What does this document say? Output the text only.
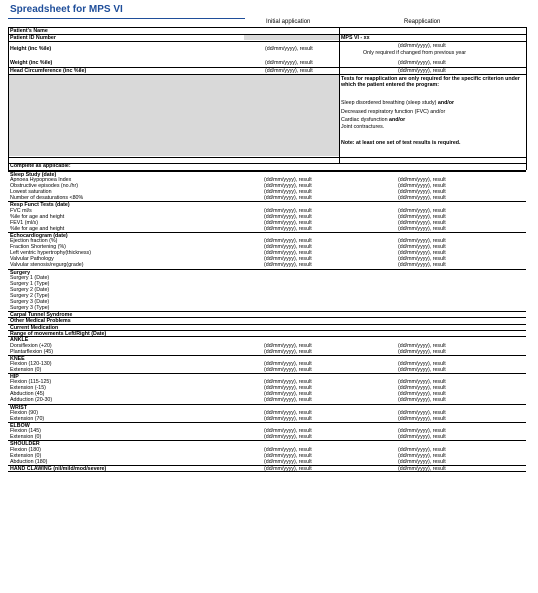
Spreadsheet for MPS VI
Initial application	Reapplication
Patient's Name
Patient ID Number	MPS VI - xx
Height (inc %ile)	(dd/mm/yyyy), result	(dd/mm/yyyy), result
Only required if changed from previous year
Weight (inc %ile)	(dd/mm/yyyy), result	(dd/mm/yyyy), result
Head Circumference (inc %ile)	(dd/mm/yyyy), result	(dd/mm/yyyy), result
Tests for reapplication are only required for the specific criterion under which the patient entered the program:
Sleep disordered breathing (sleep study) and/or
Decreased respiratory function (FVC) and/or
Cardiac dysfunction and/or
Joint contractures.
Note: at least one set of test results is required.
Complete as applicable:
Sleep Study (date)
Apnoea Hypopnoea Index	(dd/mm/yyyy), result	(dd/mm/yyyy), result
Obstructive episodes (no./hr)	(dd/mm/yyyy), result	(dd/mm/yyyy), result
Lowest saturation	(dd/mm/yyyy), result	(dd/mm/yyyy), result
Number of desaturations <80%	(dd/mm/yyyy), result	(dd/mm/yyyy), result
Resp Funct Tests (date)
FVC ml/s	(dd/mm/yyyy), result	(dd/mm/yyyy), result
%ile for age and height	(dd/mm/yyyy), result	(dd/mm/yyyy), result
FEV1 (ml/s)	(dd/mm/yyyy), result	(dd/mm/yyyy), result
%ile for age and height	(dd/mm/yyyy), result	(dd/mm/yyyy), result
Echocardiogram (date)
Ejection fraction (%)	(dd/mm/yyyy), result	(dd/mm/yyyy), result
Fraction Shortening (%)	(dd/mm/yyyy), result	(dd/mm/yyyy), result
Left ventric hypertrophy(thickness)	(dd/mm/yyyy), result	(dd/mm/yyyy), result
Valvular Pathology	(dd/mm/yyyy), result	(dd/mm/yyyy), result
Valvular stenosis/regurg(grade)	(dd/mm/yyyy), result	(dd/mm/yyyy), result
Surgery
Surgery 1 (Date)
Surgery 1 (Type)
Surgery 2 (Date)
Surgery 2 (Type)
Surgery 3 (Date)
Surgery 3 (Type)
Carpal Tunnel Syndrome
Other Medical Problems
Current Medication
Range of movements Left/Right (Date)
ANKLE
Dorsiflexion (+20)	(dd/mm/yyyy), result	(dd/mm/yyyy), result
Plantarflexion (45)	(dd/mm/yyyy), result	(dd/mm/yyyy), result
KNEE
Flexion (120-130)	(dd/mm/yyyy), result	(dd/mm/yyyy), result
Extension (0)	(dd/mm/yyyy), result	(dd/mm/yyyy), result
HIP
Flexion (115-125)	(dd/mm/yyyy), result	(dd/mm/yyyy), result
Extension (-15)	(dd/mm/yyyy), result	(dd/mm/yyyy), result
Abduction (45)	(dd/mm/yyyy), result	(dd/mm/yyyy), result
Adduction (20-30)	(dd/mm/yyyy), result	(dd/mm/yyyy), result
WRIST
Flexion (90)	(dd/mm/yyyy), result	(dd/mm/yyyy), result
Extension (70)	(dd/mm/yyyy), result	(dd/mm/yyyy), result
ELBOW
Flexion (145)	(dd/mm/yyyy), result	(dd/mm/yyyy), result
Extension (0)	(dd/mm/yyyy), result	(dd/mm/yyyy), result
SHOULDER
Flexion (180)	(dd/mm/yyyy), result	(dd/mm/yyyy), result
Extension (0)	(dd/mm/yyyy), result	(dd/mm/yyyy), result
Abduction (180)	(dd/mm/yyyy), result	(dd/mm/yyyy), result
HAND CLAWING (nil/mild/mod/severe)	(dd/mm/yyyy), result	(dd/mm/yyyy), result
